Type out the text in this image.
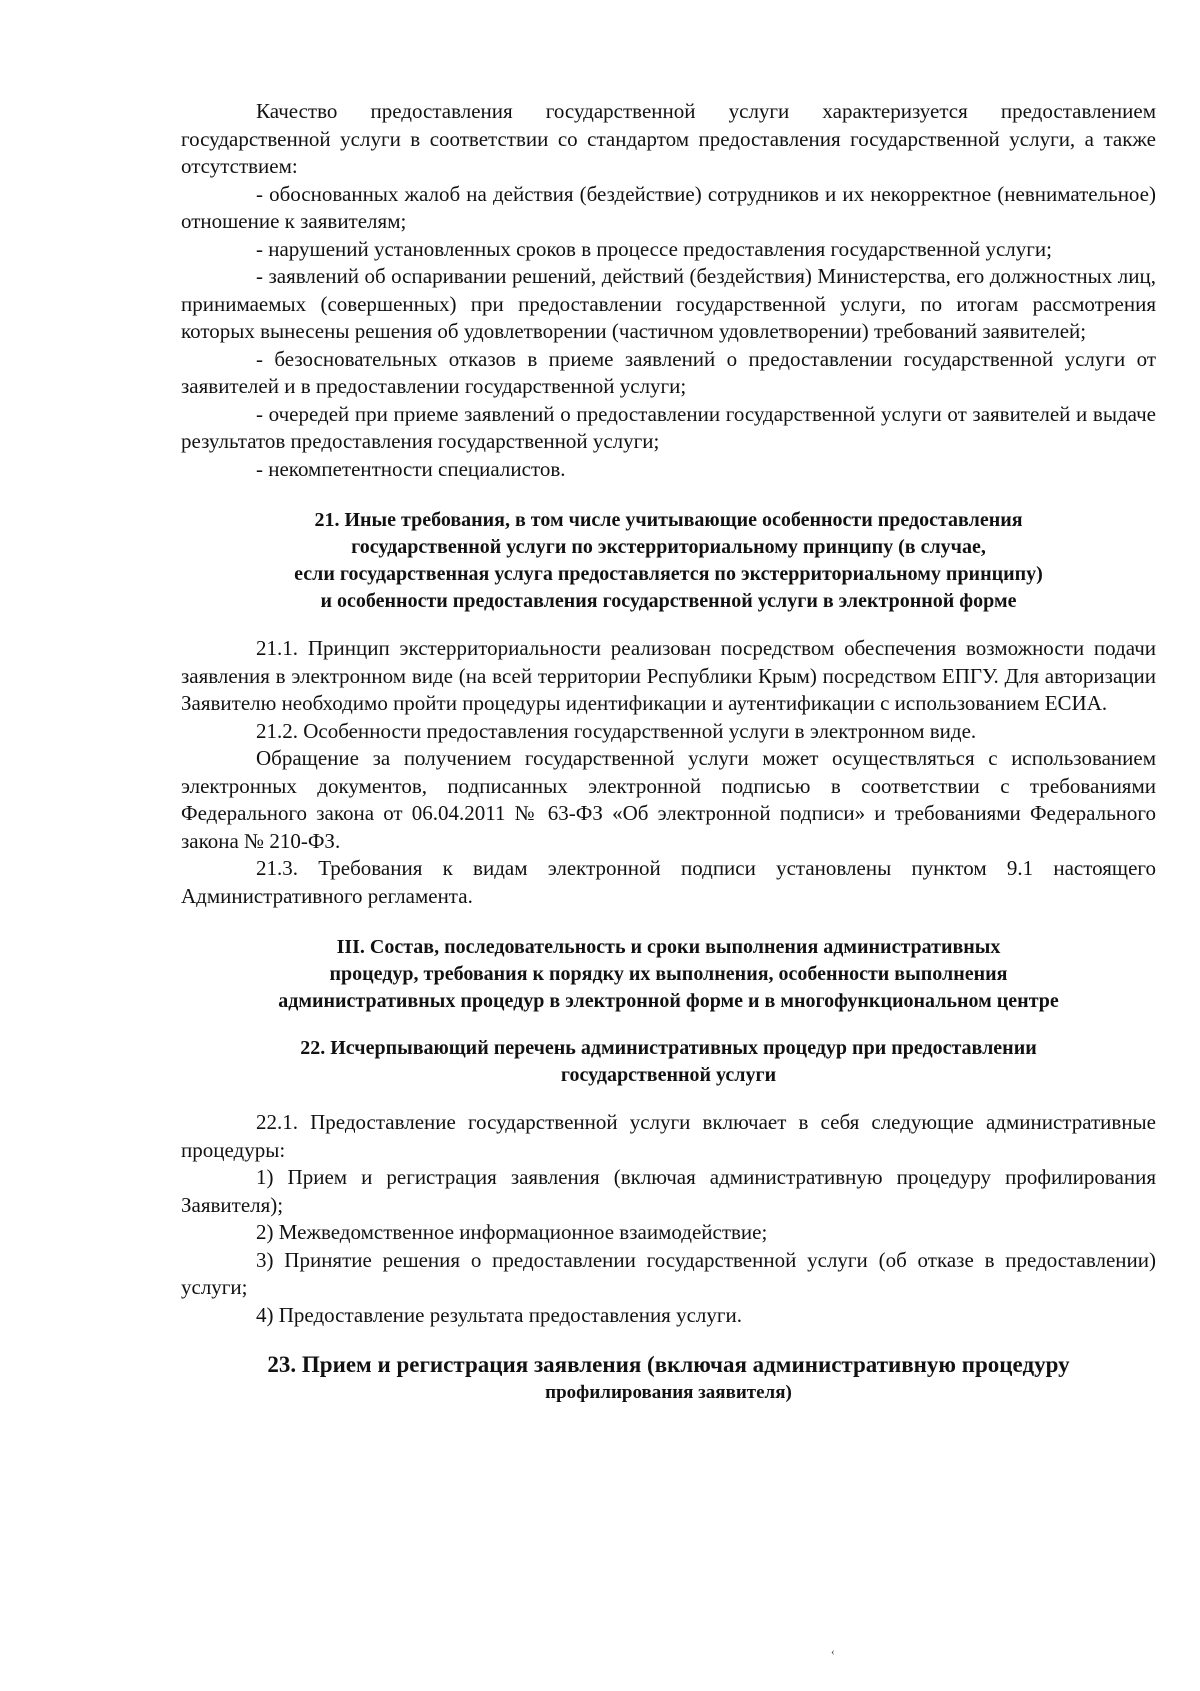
Качество предоставления государственной услуги характеризуется предоставлением государственной услуги в соответствии со стандартом предоставления государственной услуги, а также отсутствием:

- обоснованных жалоб на действия (бездействие) сотрудников и их некорректное (невнимательное) отношение к заявителям;

- нарушений установленных сроков в процессе предоставления государственной услуги;

- заявлений об оспаривании решений, действий (бездействия) Министерства, его должностных лиц, принимаемых (совершенных) при предоставлении государственной услуги, по итогам рассмотрения которых вынесены решения об удовлетворении (частичном удовлетворении) требований заявителей;

- безосновательных отказов в приеме заявлений о предоставлении государственной услуги от заявителей и в предоставлении государственной услуги;

- очередей при приеме заявлений о предоставлении государственной услуги от заявителей и выдаче результатов предоставления государственной услуги;

- некомпетентности специалистов.

21. Иные требования, в том числе учитывающие особенности предоставления
государственной услуги по экстерриториальному принципу (в случае,
если государственная услуга предоставляется по экстерриториальному принципу)
и особенности предоставления государственной услуги в электронной форме

21.1. Принцип экстерриториальности реализован посредством обеспечения возможности подачи заявления в электронном виде (на всей территории Республики Крым) посредством ЕПГУ. Для авторизации Заявителю необходимо пройти процедуры идентификации и аутентификации с использованием ЕСИА.

21.2. Особенности предоставления государственной услуги в электронном виде.

Обращение за получением государственной услуги может осуществляться с использованием электронных документов, подписанных электронной подписью в соответствии с требованиями Федерального закона от 06.04.2011 № 63-ФЗ «Об электронной подписи» и требованиями Федерального закона № 210-ФЗ.

21.3. Требования к видам электронной подписи установлены пунктом 9.1 настоящего Административного регламента.

III. Состав, последовательность и сроки выполнения административных
процедур, требования к порядку их выполнения, особенности выполнения
административных процедур в электронной форме и в многофункциональном центре
22. Исчерпывающий перечень административных процедур при предоставлении
государственной услуги

22.1. Предоставление государственной услуги включает в себя следующие административные процедуры:

1) Прием и регистрация заявления (включая административную процедуру профилирования Заявителя);

2) Межведомственное информационное взаимодействие;

3) Принятие решения о предоставлении государственной услуги (об отказе в предоставлении) услуги;

4) Предоставление результата предоставления услуги.

23. Прием и регистрация заявления (включая административную процедуру
профилирования заявителя)
‹
